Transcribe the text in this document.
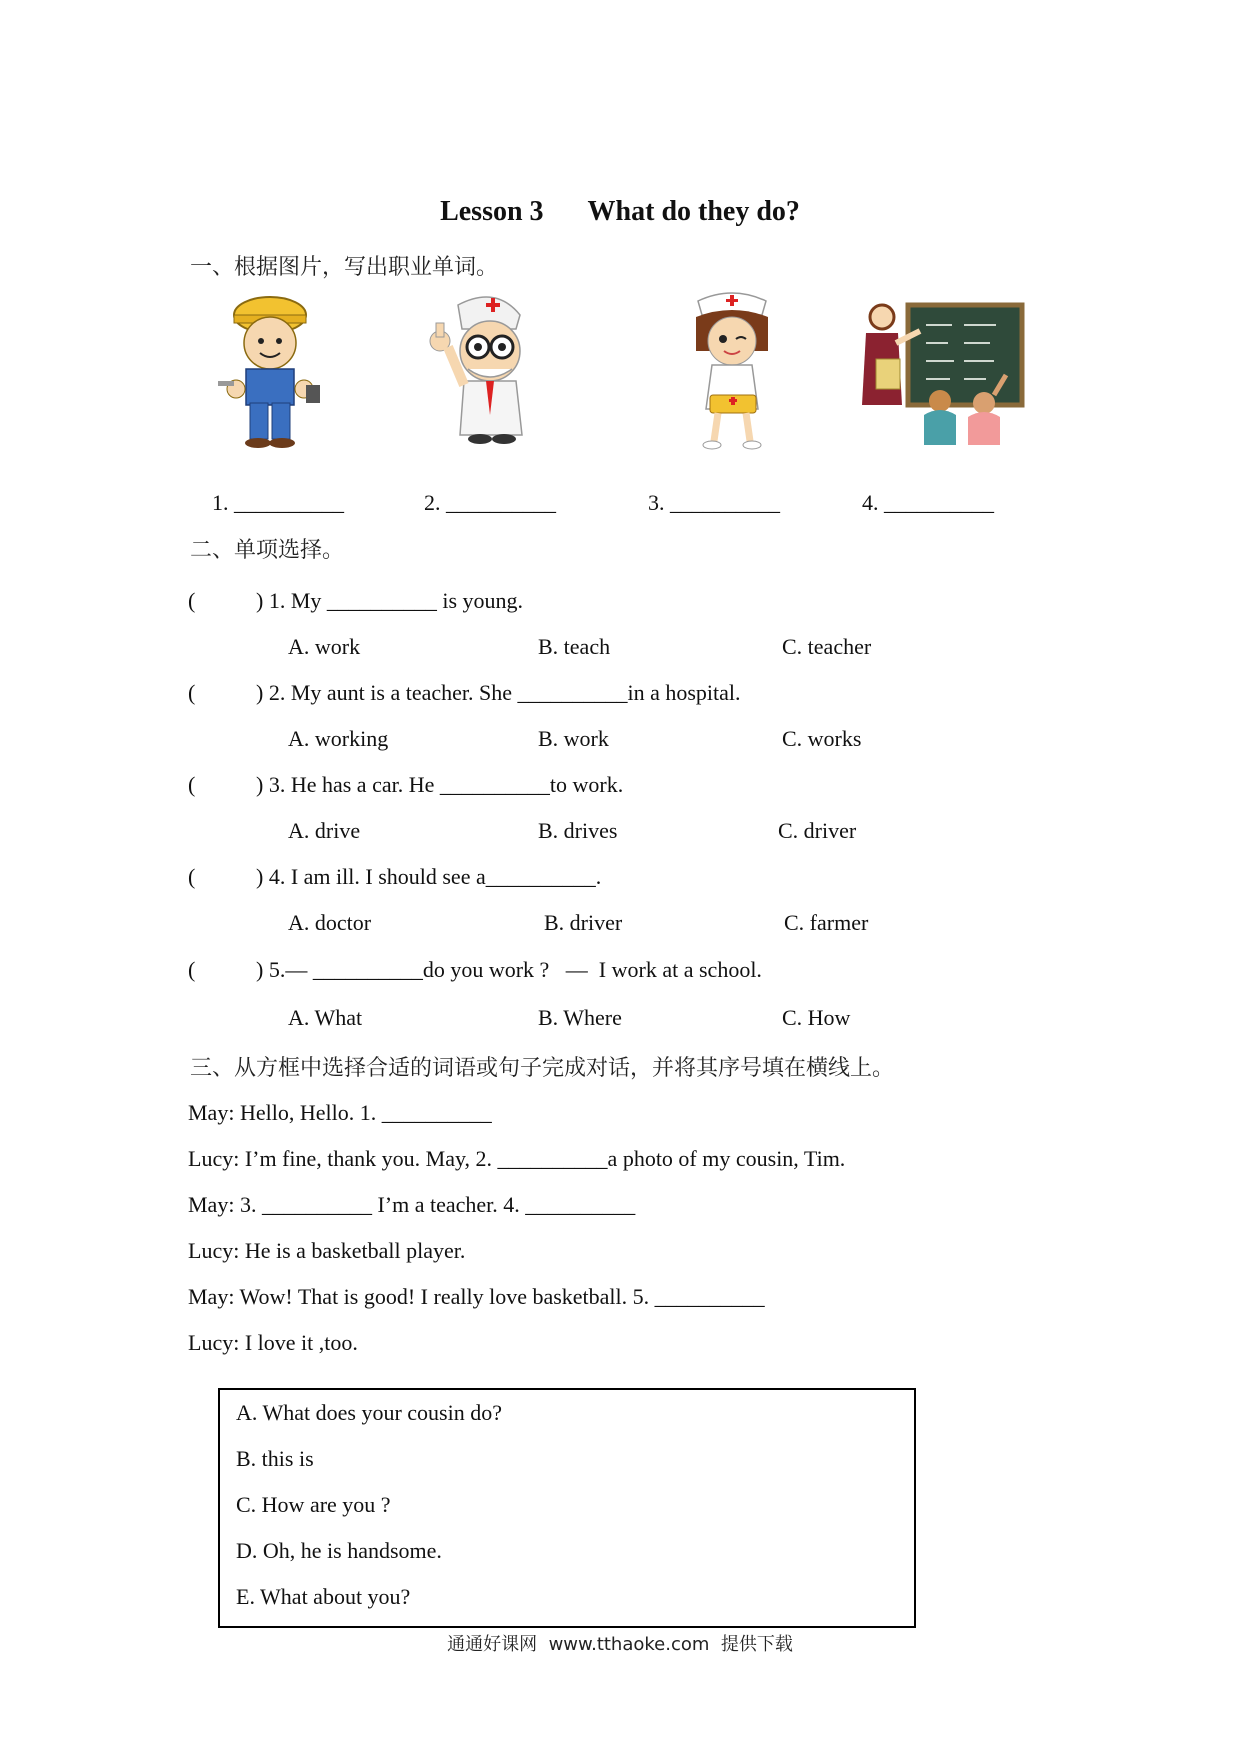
Lesson 3 What do they do?
一、根据图片，写出职业单词。
1. __________	2. __________	3. __________	4. __________
二、单项选择。
(	) 1. My __________ is young.
A. work	B. teach	C. teacher
(	) 2. My aunt is a teacher. She __________in a hospital.
A. working	B. work	C. works
(	) 3. He has a car. He __________to work.
A. drive	B. drives	C. driver
(	) 4. I am ill. I should see a__________.
A. doctor	B. driver	C. farmer
(	) 5.— __________do you work ?   —  I work at a school.
A. What	B. Where	C. How
三、从方框中选择合适的词语或句子完成对话，并将其序号填在横线上。
May: Hello, Hello. 1. __________
Lucy: I’m fine, thank you. May, 2. __________a photo of my cousin, Tim.
May: 3. __________ I’m a teacher. 4. __________
Lucy: He is a basketball player.
May: Wow! That is good! I really love basketball. 5. __________
Lucy: I love it ,too.
A. What does your cousin do?
B. this is
C. How are you ?
D. Oh, he is handsome.
E. What about you?
通通好课网  www.tthaoke.com  提供下载
